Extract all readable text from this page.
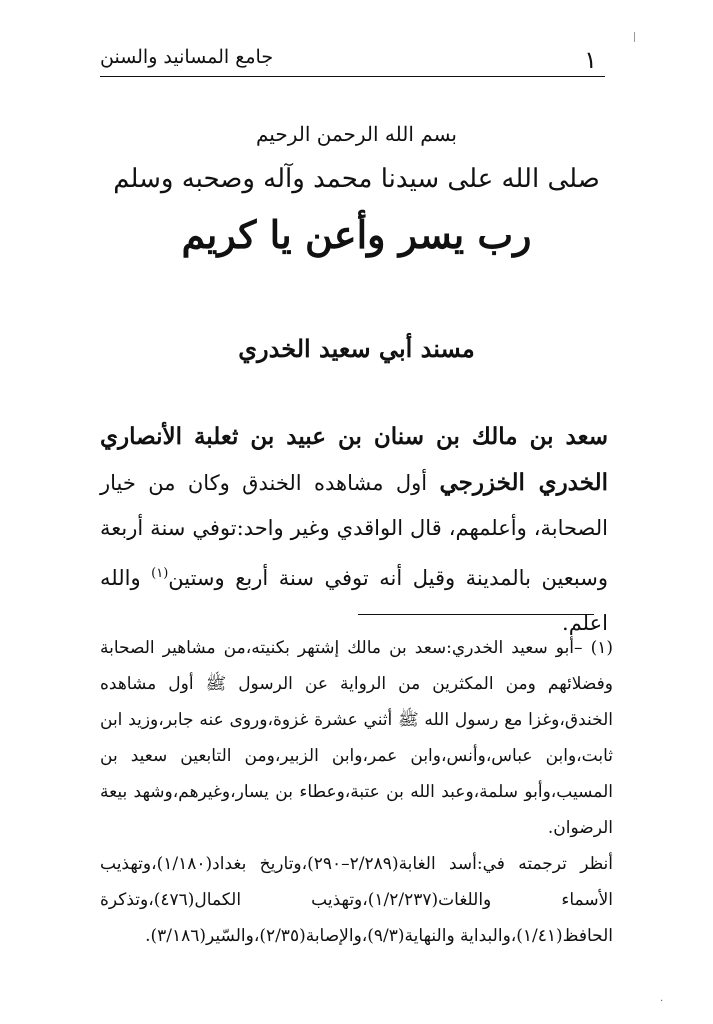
١
جامع المسانيد والسنن
بسم الله الرحمن الرحيم
صلى الله على سيدنا محمد وآله وصحبه وسلم
رب يسر وأعن يا كريم
مسند أبي سعيد الخدري
سعد بن مالك بن سنان بن عبيد بن ثعلبة الأنصاري الخدري الخزرجي أول مشاهده الخندق وكان من خيار الصحابة، وأعلمهم، قال الواقدي وغير واحد:توفي سنة أربعة وسبعين بالمدينة وقيل أنه توفي سنة أربع وستين$^{(١)}$ والله اعلم.

(١) –أبو سعيد الخدري:سعد بن مالك إشتهر بكنيته،من مشاهير الصحابة وفضلائهم ومن المكثرين من الرواية عن الرسول ﷺ أول مشاهده الخندق،وغزا مع رسول الله ﷺ أثني عشرة غزوة،وروى عنه جابر،وزيد ابن ثابت،وابن عباس،وأنس،وابن عمر،وابن الزبير،ومن التابعين سعيد بن المسيب،وأبو سلمة،وعبد الله بن عتبة،وعطاء بن يسار،وغيرهم،وشهد بيعة الرضوان.

أنظر ترجمته في:أسد الغابة(٢/٢٨٩–٢٩٠)،وتاريخ بغداد(١/١٨٠)،وتهذيب الأسماء واللغات(١/٢/٢٣٧)،وتهذيب الكمال(٤٧٦)،وتذكرة الحافظ(١/٤١)،والبداية والنهاية(٩/٣)،والإصابة(٢/٣٥)،والسّير(٣/١٨٦).

·
